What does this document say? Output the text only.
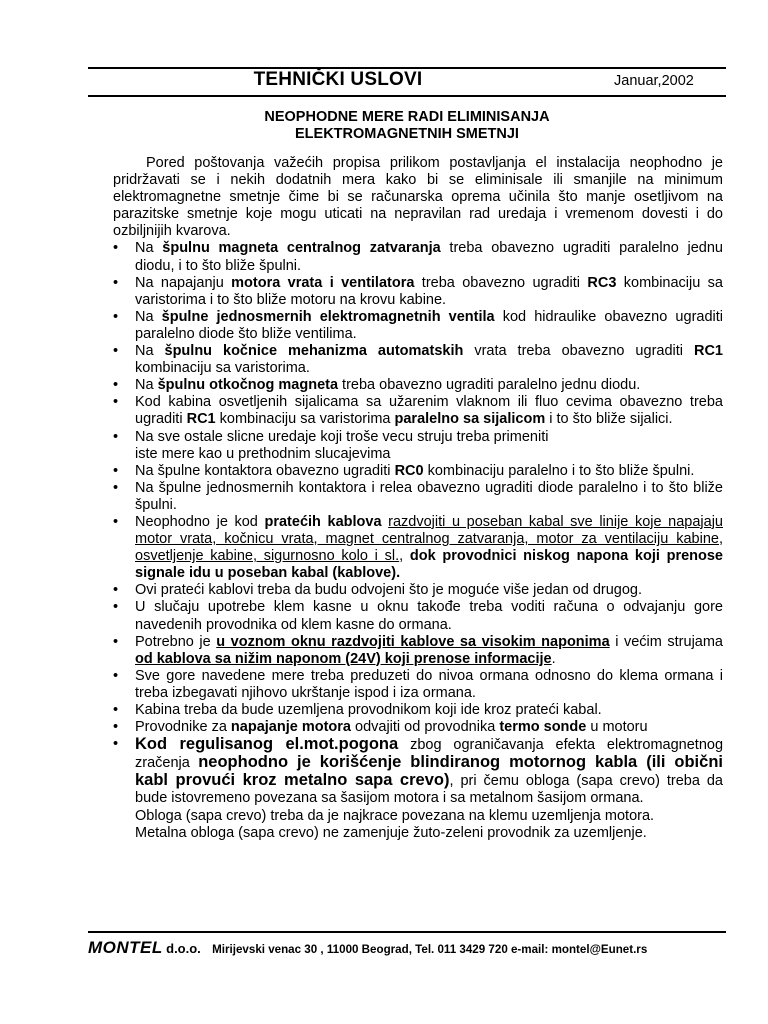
TEHNIČKI USLOVI	Januar,2002
NEOPHODNE MERE RADI ELIMINISANJA
ELEKTROMAGNETNIH SMETNJI

Pored poštovanja važećih propisa prilikom postavljanja el instalacija neophodno je pridržavati se i nekih dodatnih mera kako bi se eliminisale ili smanjile na minimum elektromagnetne smetnje čime bi se računarska oprema učinila što manje osetljivom na parazitske smetnje koje mogu uticati na nepravilan rad uredaja i vremenom dovesti i do ozbiljnijih kvarova.

• Na špulnu magneta centralnog zatvaranja treba obavezno ugraditi paralelno jednu diodu, i to što bliže špulni.
• Na napajanju motora vrata i ventilatora treba obavezno ugraditi RC3 kombinaciju sa varistorima i to što bliže motoru na krovu kabine.
• Na špulne jednosmernih elektromagnetnih ventila kod hidraulike obavezno ugraditi paralelno diode što bliže ventilima.
• Na špulnu kočnice mehanizma automatskih vrata treba obavezno ugraditi RC1 kombinaciju sa varistorima.
• Na špulnu otkočnog magneta treba obavezno ugraditi paralelno jednu diodu.
• Kod kabina osvetljenih sijalicama sa užarenim vlaknom ili fluo cevima obavezno treba ugraditi RC1 kombinaciju sa varistorima paralelno sa sijalicom i to što bliže sijalici.
• Na sve ostale slicne uredaje koji troše vecu struju treba primeniti
iste mere kao u prethodnim slucajevima
• Na špulne kontaktora obavezno ugraditi RC0 kombinaciju paralelno i to što bliže špulni.
• Na špulne jednosmernih kontaktora i relea obavezno ugraditi diode paralelno i to što bliže špulni.
• Neophodno je kod pratećih kablova razdvojiti u poseban kabal sve linije koje napajaju motor vrata, kočnicu vrata, magnet centralnog zatvaranja, motor za ventilaciju kabine, osvetljenje kabine, sigurnosno kolo i sl., dok provodnici niskog napona koji prenose signale idu u poseban kabal (kablove).
• Ovi prateći kablovi treba da budu odvojeni što je moguće više jedan od drugog.
• U slučaju upotrebe klem kasne u oknu takođe treba voditi računa o odvajanju gore navedenih provodnika od klem kasne do ormana.
• Potrebno je u voznom oknu razdvojiti kablove sa visokim naponima i većim strujama od kablova sa nižim naponom (24V) koji prenose informacije.
• Sve gore navedene mere treba preduzeti do nivoa ormana odnosno do klema ormana i treba izbegavati njihovo ukrštanje ispod i iza ormana.
• Kabina treba da bude uzemljena provodnikom koji ide kroz prateći kabal.
• Provodnike za napajanje motora odvajiti od provodnika termo sonde u motoru
• Kod regulisanog el.mot.pogona zbog ograničavanja efekta elektromagnetnog zračenja neophodno je korišćenje blindiranog motornog kabla (ili obični kabl provući kroz metalno sapa crevo), pri čemu obloga (sapa crevo) treba da bude istovremeno povezana sa šasijom motora i sa metalnom šasijom ormana.
Obloga (sapa crevo) treba da je najkrace povezana na klemu uzemljenja motora.
Metalna obloga (sapa crevo) ne zamenjuje žuto-zeleni provodnik za uzemljenje.
MONTEL d.o.o. Mirijevski venac 30 , 11000 Beograd, Tel. 011 3429 720 e-mail: montel@Eunet.rs
